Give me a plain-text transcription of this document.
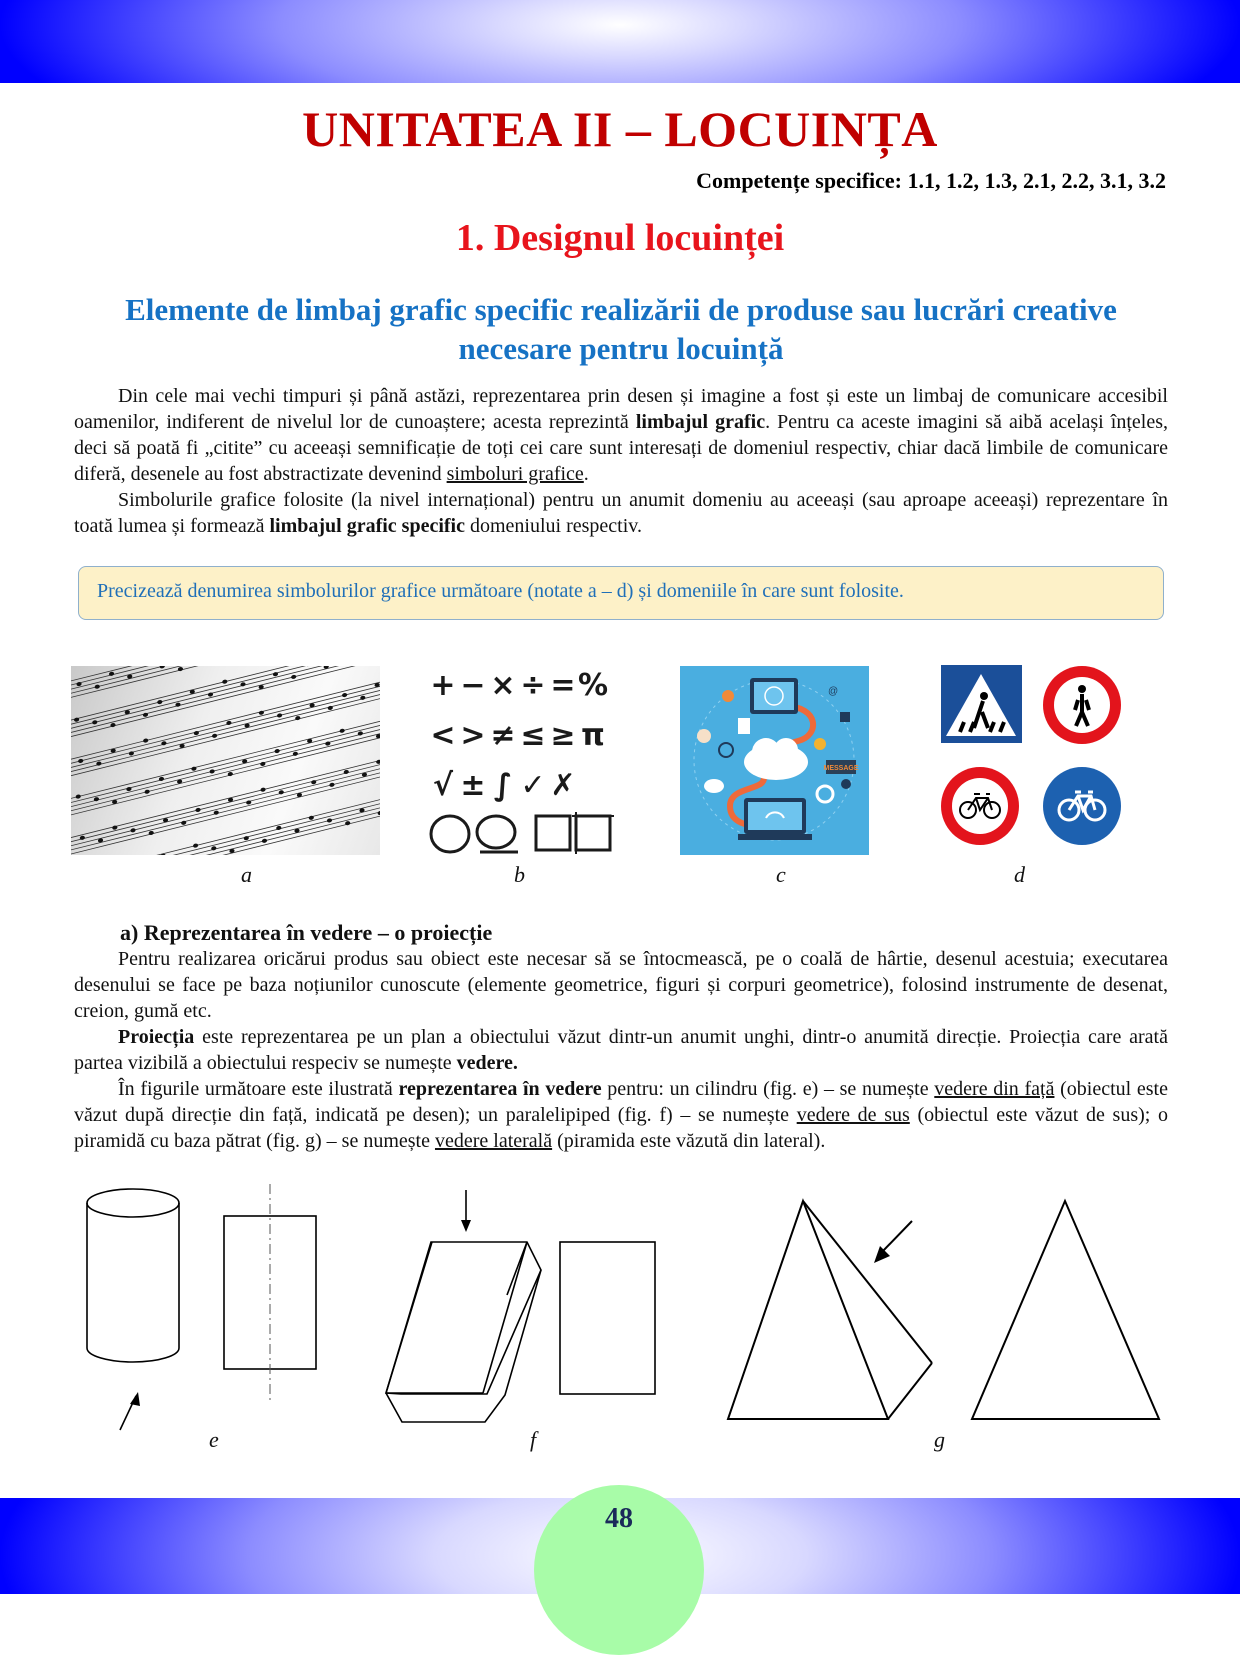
UNITATEA II – LOCUINȚA
Competențe specifice: 1.1, 1.2, 1.3, 2.1, 2.2, 3.1, 3.2
1. Designul locuinței
Elemente de limbaj grafic specific realizării de produse sau lucrări creative necesare pentru locuință

Din cele mai vechi timpuri și până astăzi, reprezentarea prin desen și imagine a fost și este un limbaj de comunicare accesibil oamenilor, indiferent de nivelul lor de cunoaștere; acesta reprezintă limbajul grafic. Pentru ca aceste imagini să aibă același înțeles, deci să poată fi „citite” cu aceeași semnificație de toți cei care sunt interesați de domeniul respectiv, chiar dacă limbile de comunicare diferă, desenele au fost abstractizate devenind simboluri grafice.

Simbolurile grafice folosite (la nivel internațional) pentru un anumit domeniu au aceeași (sau aproape aceeași) reprezentare în toată lumea și formează limbajul grafic specific domeniului respectiv.

Precizează denumirea simbolurilor grafice următoare (notate a – d) și domeniile în care sunt folosite.
a
+ − × ÷ = %
< > ≠ ≤ ≥ π
√ ± ∫ ✓ ✗
b
MESSAGE
@
c	d
a) Reprezentarea în vedere – o proiecție

Pentru realizarea oricărui produs sau obiect este necesar să se întocmească, pe o coală de hârtie, desenul acestuia; executarea desenului se face pe baza noțiunilor cunoscute (elemente geometrice, figuri și corpuri geometrice), folosind instrumente de desenat, creion, gumă etc.

Proiecția este reprezentarea pe un plan a obiectului văzut dintr-un anumit unghi, dintr-o anumită direcție. Proiecția care arată partea vizibilă a obiectului respeciv se numește vedere.

În figurile următoare este ilustrată reprezentarea în vedere pentru: un cilindru (fig. e) – se numește vedere din față (obiectul este văzut după direcție din față, indicată pe desen); un paralelipiped (fig. f) – se numește vedere de sus (obiectul este văzut de sus); o piramidă cu baza pătrat (fig. g) – se numește vedere laterală (piramida este văzută din lateral).

e	f	g
48
